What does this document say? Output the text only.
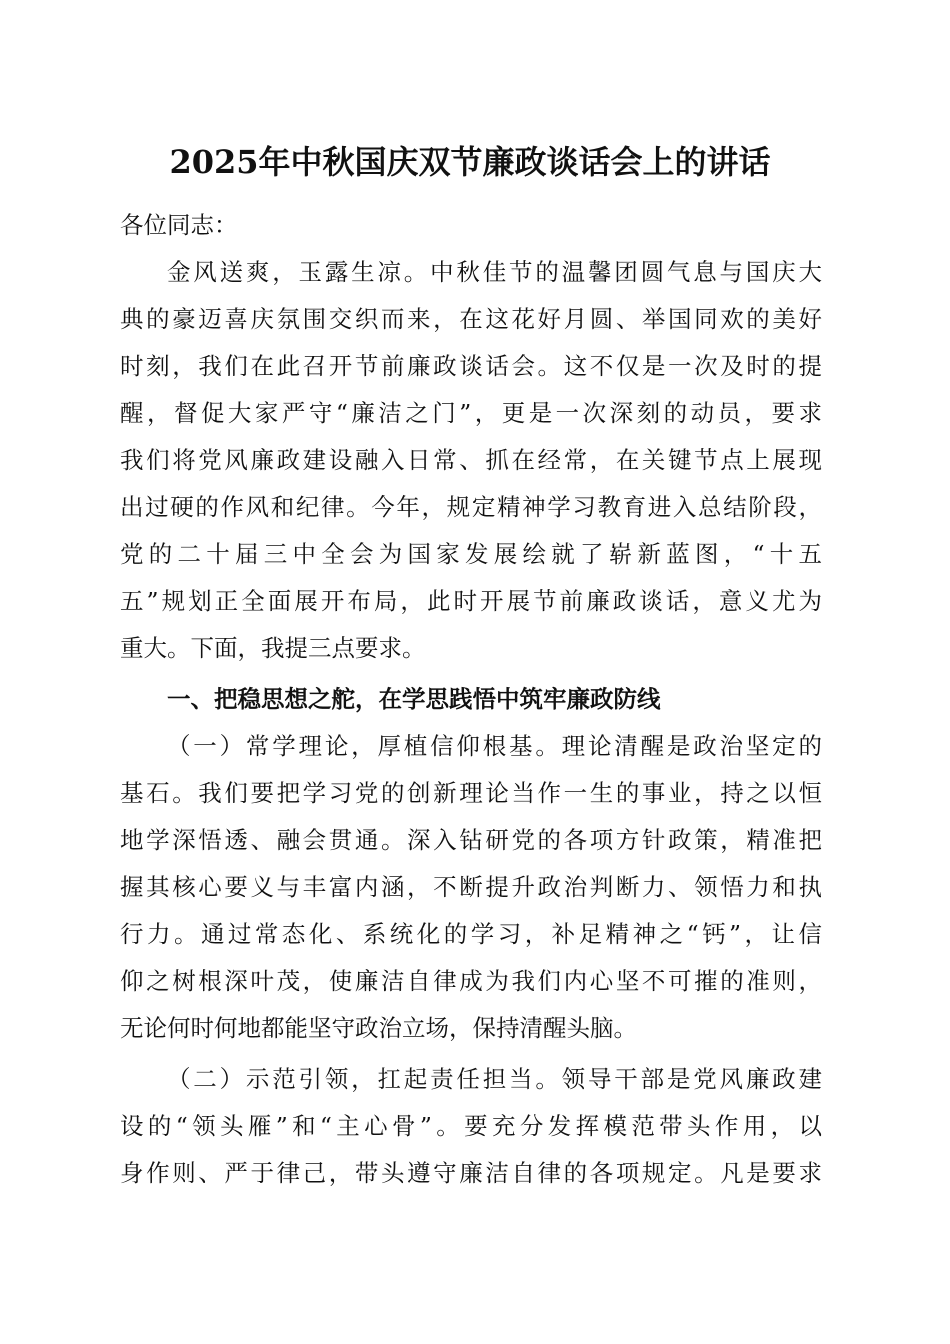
2025年中秋国庆双节廉政谈话会上的讲话
各位同志：
金风送爽，玉露生凉。中秋佳节的温馨团圆气息与国庆大
典的豪迈喜庆氛围交织而来，在这花好月圆、举国同欢的美好
时刻，我们在此召开节前廉政谈话会。这不仅是一次及时的提
醒，督促大家严守“廉洁之门”，更是一次深刻的动员，要求
我们将党风廉政建设融入日常、抓在经常，在关键节点上展现
出过硬的作风和纪律。今年，规定精神学习教育进入总结阶段，
党的二十届三中全会为国家发展绘就了崭新蓝图，“十五
五”规划正全面展开布局，此时开展节前廉政谈话，意义尤为
重大。下面，我提三点要求。
一、把稳思想之舵，在学思践悟中筑牢廉政防线
（一）常学理论，厚植信仰根基。理论清醒是政治坚定的
基石。我们要把学习党的创新理论当作一生的事业，持之以恒
地学深悟透、融会贯通。深入钻研党的各项方针政策，精准把
握其核心要义与丰富内涵，不断提升政治判断力、领悟力和执
行力。通过常态化、系统化的学习，补足精神之“钙”，让信
仰之树根深叶茂，使廉洁自律成为我们内心坚不可摧的准则，
无论何时何地都能坚守政治立场，保持清醒头脑。
（二）示范引领，扛起责任担当。领导干部是党风廉政建
设的“领头雁”和“主心骨”。要充分发挥模范带头作用，以
身作则、严于律己，带头遵守廉洁自律的各项规定。凡是要求
